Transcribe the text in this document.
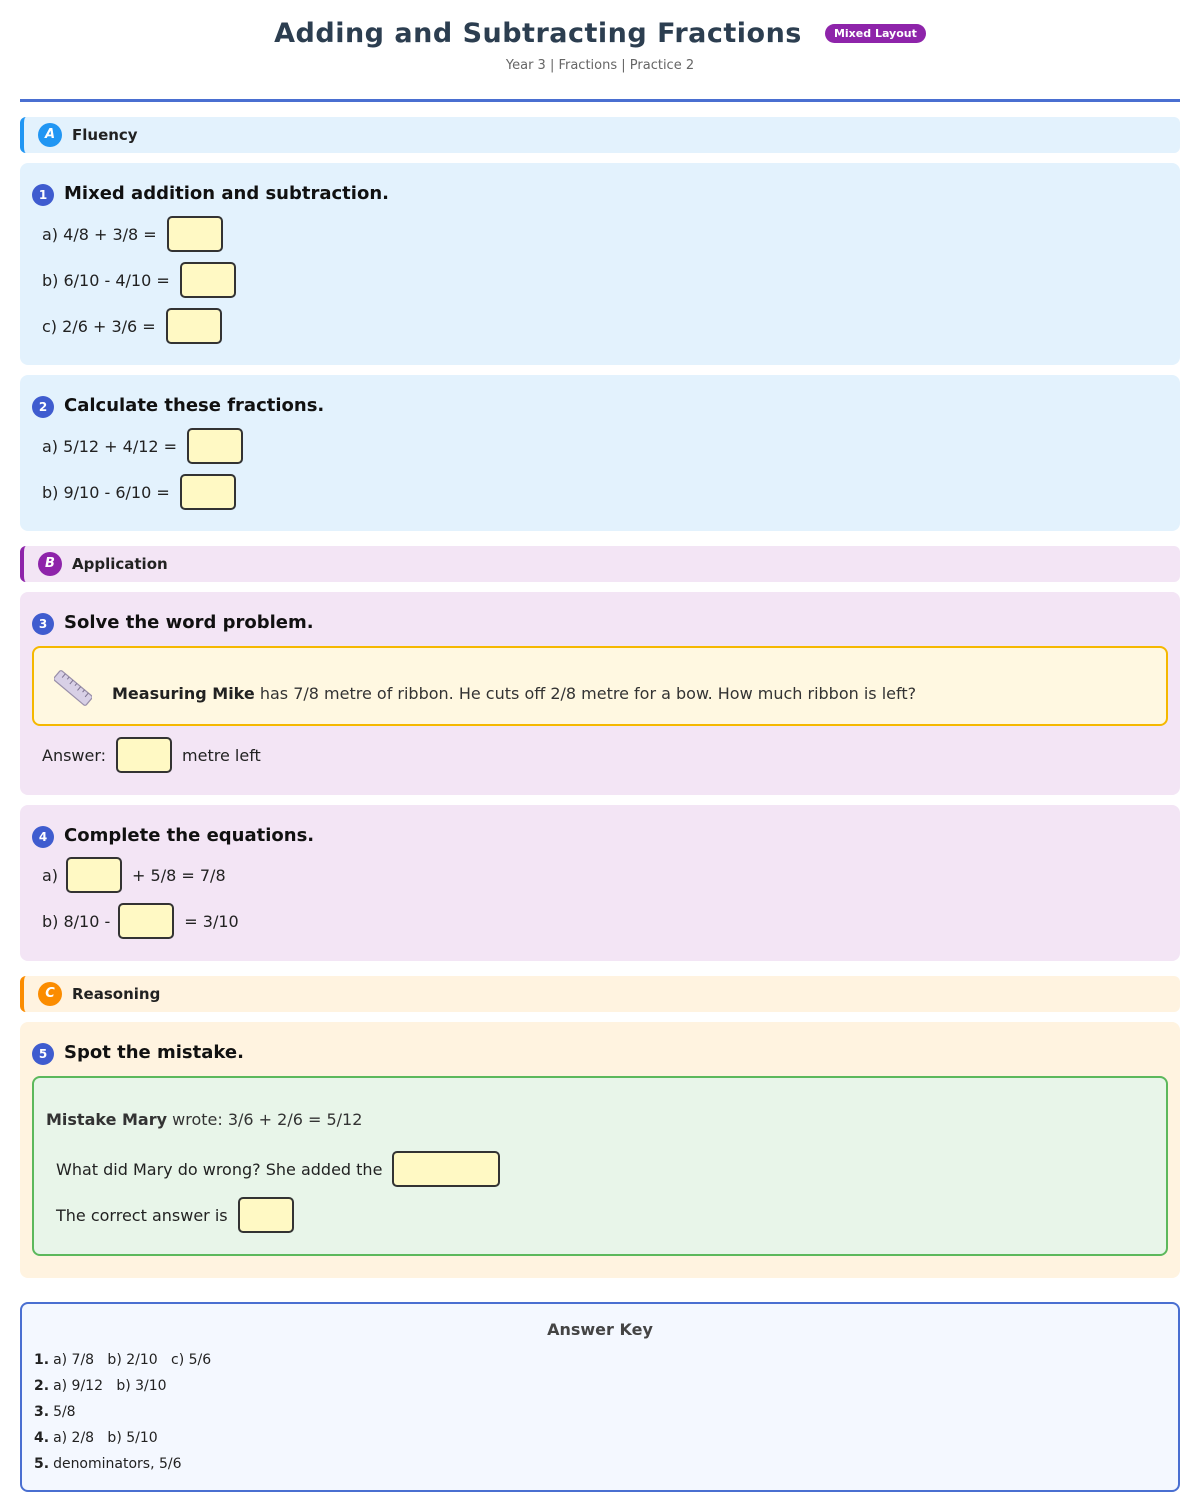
Adding and Subtracting Fractions	Mixed Layout
Year 3 | Fractions | Practice 2
A	Fluency
1 Mixed addition and subtraction.
a) 4/8 + 3/8 =
b) 6/10 - 4/10 =
c) 2/6 + 3/6 =
2 Calculate these fractions.
a) 5/12 + 4/12 =
b) 9/10 - 6/10 =
B	Application
3 Solve the word problem.
Measuring Mike has 7/8 metre of ribbon. He cuts off 2/8 metre for a bow. How much ribbon is left?
Answer:	metre left
4 Complete the equations.
a)	+ 5/8 = 7/8
b) 8/10 -	= 3/10
C	Reasoning
5 Spot the mistake.
Mistake Mary wrote: 3/6 + 2/6 = 5/12
What did Mary do wrong? She added the
The correct answer is
Answer Key
1. a) 7/8   b) 2/10   c) 5/6
2. a) 9/12   b) 3/10
3. 5/8
4. a) 2/8   b) 5/10
5. denominators, 5/6
